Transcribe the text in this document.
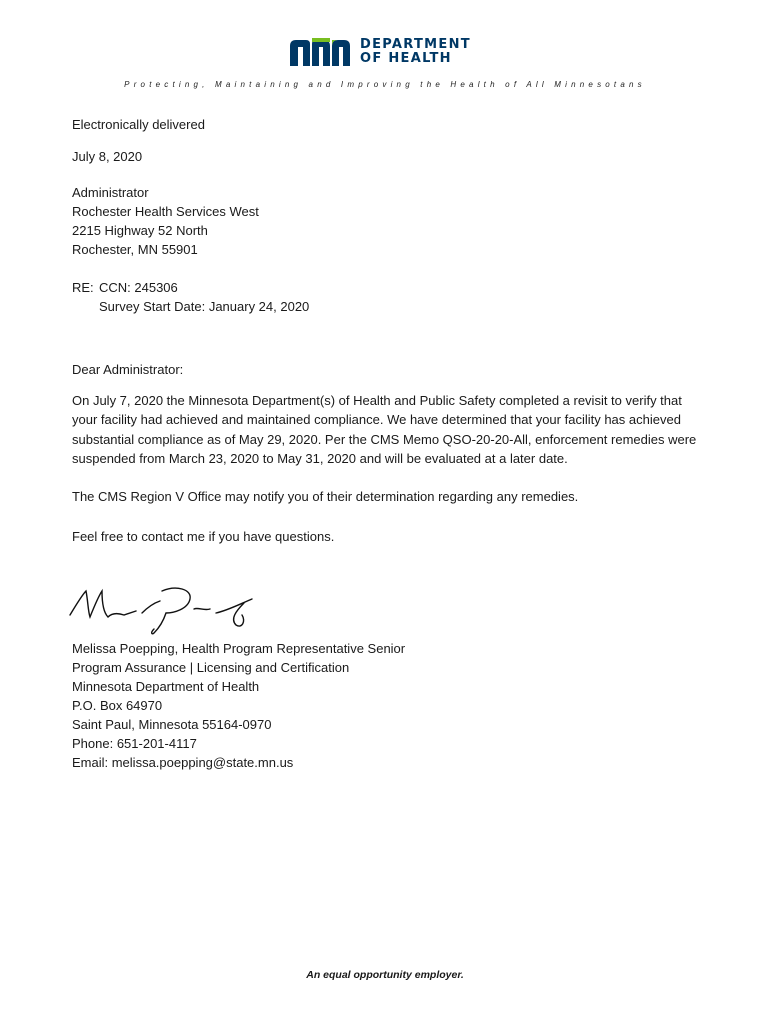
DEPARTMENT
OF HEALTH
Protecting, Maintaining and Improving the Health of All Minnesotans
Electronically delivered
July 8, 2020
Administrator
Rochester Health Services West
2215 Highway 52 North
Rochester, MN 55901
RE: CCN: 245306
Survey Start Date: January 24, 2020
Dear Administrator:
On July 7, 2020 the Minnesota Department(s) of Health and Public Safety completed a revisit to verify that your facility had achieved and maintained compliance. We have determined that your facility has achieved substantial compliance as of May 29, 2020. Per the CMS Memo QSO-20-20-All, enforcement remedies were suspended from March 23, 2020 to May 31, 2020 and will be evaluated at a later date.
The CMS Region V Office may notify you of their determination regarding any remedies.
Feel free to contact me if you have questions.
Melissa Poepping, Health Program Representative Senior
Program Assurance | Licensing and Certification
Minnesota Department of Health
P.O. Box 64970
Saint Paul, Minnesota 55164-0970
Phone: 651-201-4117
Email: melissa.poepping@state.mn.us
An equal opportunity employer.
